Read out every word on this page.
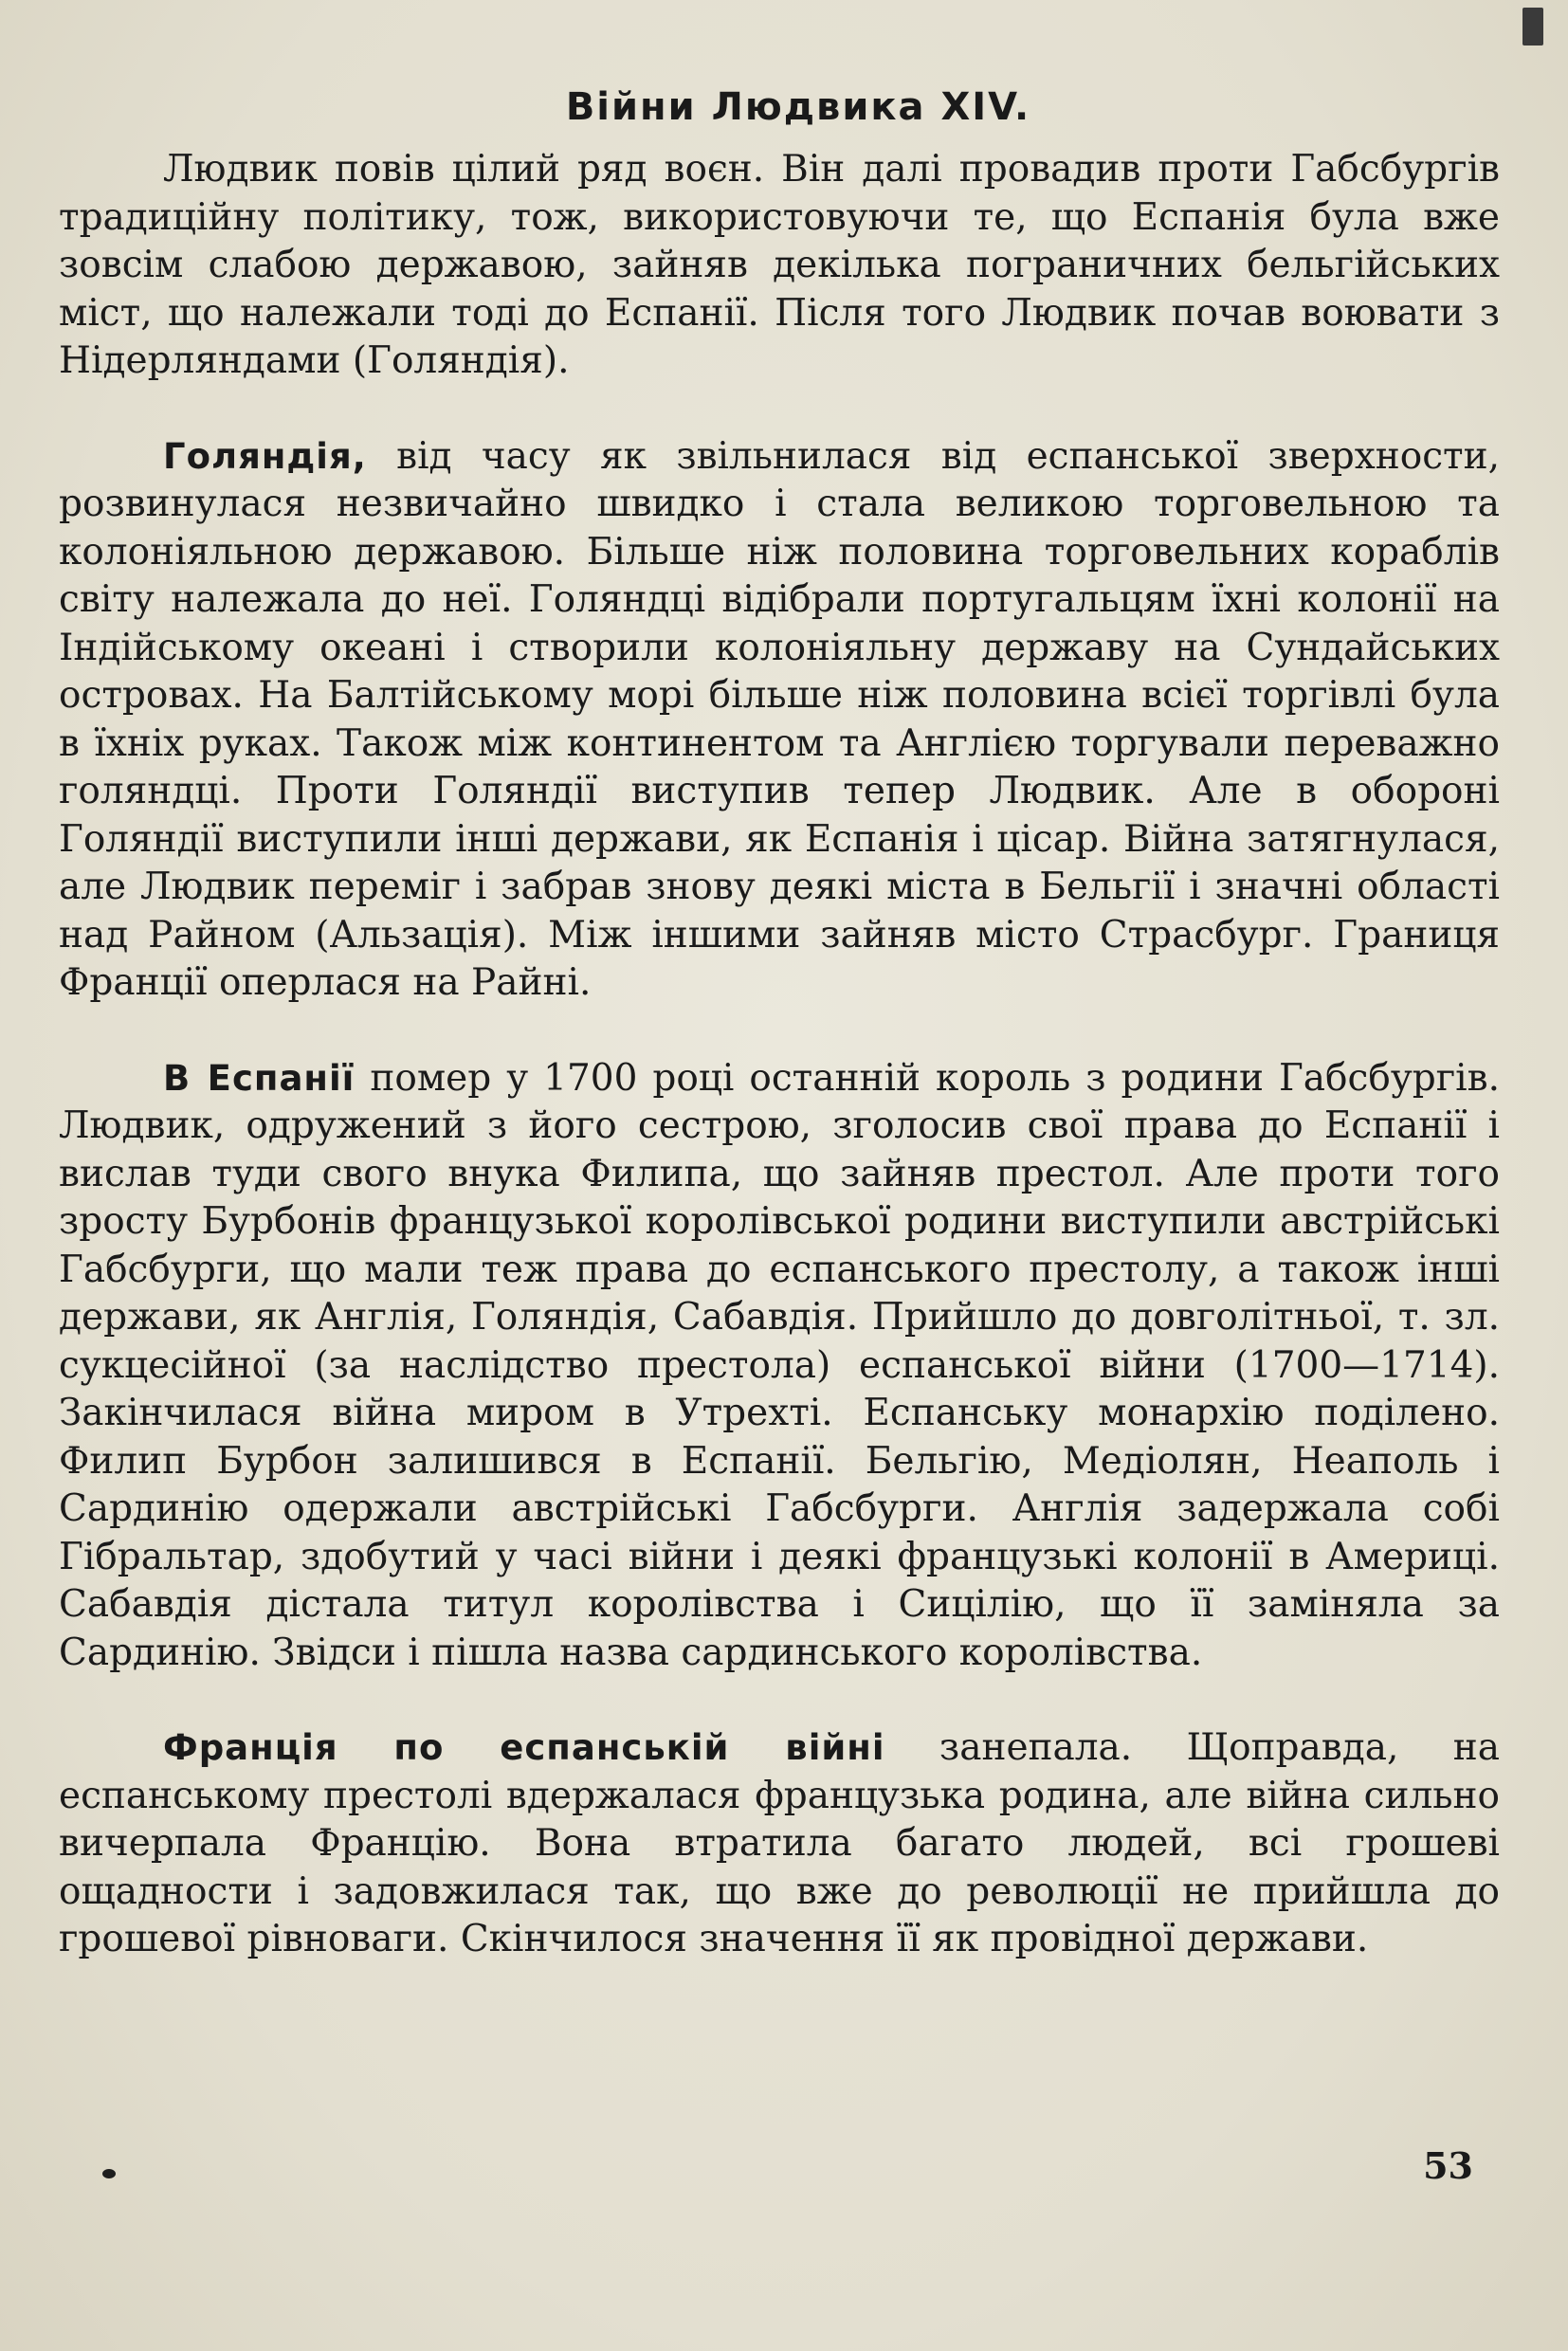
Війни Людвика XIV.

Людвик повів цілий ряд воєн. Він далі провадив проти Габсбургів традиційну політику, тож, використовуючи те, що Еспанія була вже зовсім слабою державою, зайняв декілька пограничних бельгійських міст, що належали тоді до Еспанії. Після того Людвик почав воювати з Нідерляндами (Голяндія).

Голяндія, від часу як звільнилася від еспанської зверхности, розвинулася незвичайно швидко і стала великою торговельною та колоніяльною державою. Більше ніж половина торговельних кораблів світу належала до неї. Голяндці відібрали португальцям їхні колонії на Індійському океані і створили колоніяльну державу на Сундайських островах. На Балтійському морі більше ніж половина всієї торгівлі була в їхніх руках. Також між континентом та Англією торгували переважно голяндці. Проти Голяндії виступив тепер Людвик. Але в обороні Голяндії виступили інші держави, як Еспанія і цісар. Війна затягнулася, але Людвик переміг і забрав знову деякі міста в Бельгії і значні області над Райном (Альзація). Між іншими зайняв місто Страсбург. Границя Франції оперлася на Райні.

В Еспанії помер у 1700 році останній король з родини Габсбургів. Людвик, одружений з його сестрою, зголосив свої права до Еспанії і вислав туди свого внука Филипа, що зайняв престол. Але проти того зросту Бурбонів французької королівської родини виступили австрійські Габсбурги, що мали теж права до еспанського престолу, а також інші держави, як Англія, Голяндія, Сабавдія. Прийшло до довголітньої, т. зл. сукцесійної (за наслідство престола) еспанської війни (1700—1714). Закінчилася війна миром в Утрехті. Еспанську монархію поділено. Филип Бурбон залишився в Еспанії. Бельгію, Медіолян, Неаполь і Сардинію одержали австрійські Габсбурги. Англія задержала собі Гібральтар, здобутий у часі війни і деякі французькі колонії в Америці. Сабавдія дістала титул королівства і Сицілію, що її заміняла за Сардинію. Звідси і пішла назва сардинського королівства.

Франція по еспанській війні занепала. Щоправда, на еспанському престолі вдержалася французька родина, але війна сильно вичерпала Францію. Вона втратила багато людей, всі грошеві ощадности і задовжилася так, що вже до революції не прийшла до грошевої рівноваги. Скінчилося значення її як провідної держави.

53
